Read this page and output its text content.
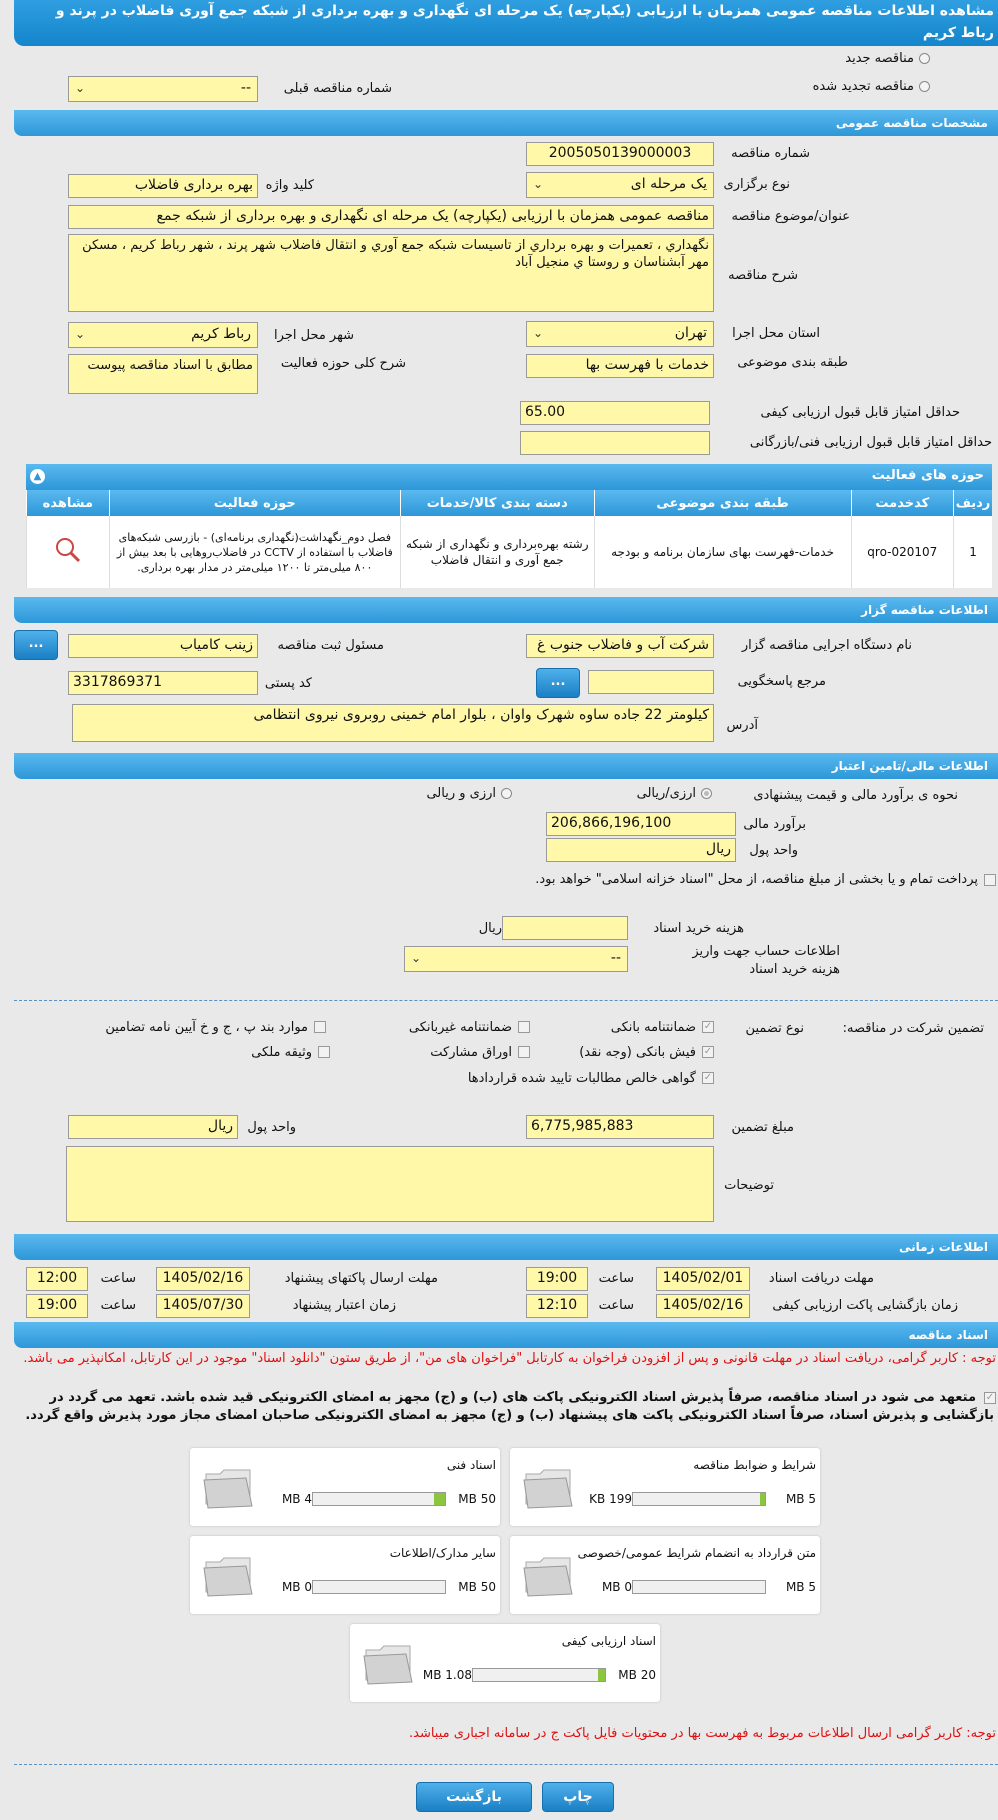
مشاهده اطلاعات مناقصه عمومی همزمان با ارزیابی (یکپارچه) یک مرحله ای نگهداری و بهره برداری از شبکه جمع آوری فاضلاب در پرند و رباط کریم
مناقصه جدید
مناقصه تجدید شده
شماره مناقصه قبلی
--
⌄
مشخصات مناقصه عمومی
شماره مناقصه
2005050139000003
نوع برگزاری
یک مرحله ای
⌄
کلید واژه
بهره برداری فاضلاب
عنوان/موضوع مناقصه
مناقصه عمومی همزمان با ارزیابی (یکپارچه) یک مرحله ای نگهداری و بهره برداری از شبکه جمع
شرح مناقصه
نگهداري ، تعميرات و بهره برداري از تاسيسات شبكه جمع آوري و انتقال فاضلاب شهر پرند ، شهر رباط كريم ، مسكن مهر آبشناسان و روستا ي منجيل آباد
استان محل اجرا
تهران
⌄
شهر محل اجرا
رباط کریم
⌄
طبقه بندی موضوعی
خدمات با فهرست بها
شرح کلی حوزه فعالیت
مطابق با اسناد مناقصه پیوست
حداقل امتیاز قابل قبول ارزیابی کیفی
65.00
حداقل امتیاز قابل قبول ارزیابی فنی/بازرگانی
حوزه های فعالیت
▲
ردیف	کدخدمت	طبقه بندی موضوعی	دسته بندی کالا/خدمات	حوزه فعالیت	مشاهده
1	qro-020107	خدمات-فهرست بهای سازمان برنامه و بودجه	رشته بهره‌برداری و نگهداری از شبکه جمع آوری و انتقال فاضلاب	فصل دوم_نگهداشت(نگهداری برنامه‌ای) - بازرسی شبکه‌های فاضلاب با استفاده از CCTV در فاضلاب‌روهایی با بعد بیش از ۸۰۰ میلی‌متر تا ۱۲۰۰ میلی‌متر در مدار بهره برداری.	
اطلاعات مناقصه گزار
نام دستگاه اجرایی مناقصه گزار
شرکت آب و فاضلاب جنوب غ
مسئول ثبت مناقصه
زینب کامیاب
...
مرجع پاسخگویی
...
کد پستی
3317869371
آدرس
کیلومتر 22 جاده ساوه شهرک واوان ، بلوار امام خمینی روبروی نیروی انتظامی
اطلاعات مالی/تامین اعتبار
نحوه ی برآورد مالی و قیمت پیشنهادی
ارزی/ریالی
ارزی و ریالی
برآورد مالی
206,866,196,100
واحد پول
ریال
پرداخت تمام و یا بخشی از مبلغ مناقصه، از محل "اسناد خزانه اسلامی" خواهد بود.
هزینه خرید اسناد
ریال
اطلاعات حساب جهت واریز هزینه خرید اسناد
--
⌄
تضمین شرکت در مناقصه:
نوع تضمین
✓
ضمانتنامه بانکی
ضمانتنامه غیربانکی
موارد بند پ ، ج و خ آیین نامه تضامین
✓
فیش بانکی (وجه نقد)
اوراق مشارکت
وثیقه ملکی
✓
گواهی خالص مطالبات تایید شده قراردادها
مبلغ تضمین
6,775,985,883
واحد پول
ریال
توضیحات
اطلاعات زمانی
مهلت دریافت اسناد
1405/02/01
ساعت
19:00
مهلت ارسال پاکتهای پیشنهاد
1405/02/16
ساعت
12:00
زمان بازگشایی پاکت ارزیابی کیفی
1405/02/16
ساعت
12:10
زمان اعتبار پیشنهاد
1405/07/30
ساعت
19:00
اسناد مناقصه
توجه : کاربر گرامی، دریافت اسناد در مهلت قانونی و پس از افزودن فراخوان به کارتابل "فراخوان های من"، از طریق ستون "دانلود اسناد" موجود در این کارتابل، امکانپذیر می باشد.
✓
متعهد می شود در اسناد مناقصه، صرفاً پذیرش اسناد الکترونیکی پاکت های (ب) و (ج) مجهز به امضای الکترونیکی قید شده باشد. تعهد می گردد در بازگشایی و پذیرش اسناد، صرفاً اسناد الکترونیکی پاکت های پیشنهاد (ب) و (ج) مجهز به امضای الکترونیکی صاحبان امضای مجاز مورد پذیرش واقع گردد.
شرایط و ضوابط مناقصه
5 MB
199 KB
اسناد فنی
50 MB
4 MB
متن قرارداد به انضمام شرایط عمومی/خصوصی
5 MB
0 MB
سایر مدارک/اطلاعات
50 MB
0 MB
اسناد ارزیابی کیفی
20 MB
1.08 MB
توجه: کاربر گرامی ارسال اطلاعات مربوط به فهرست بها در محتویات فایل پاکت ج در سامانه اجباری میباشد.
بازگشت	چاپ
